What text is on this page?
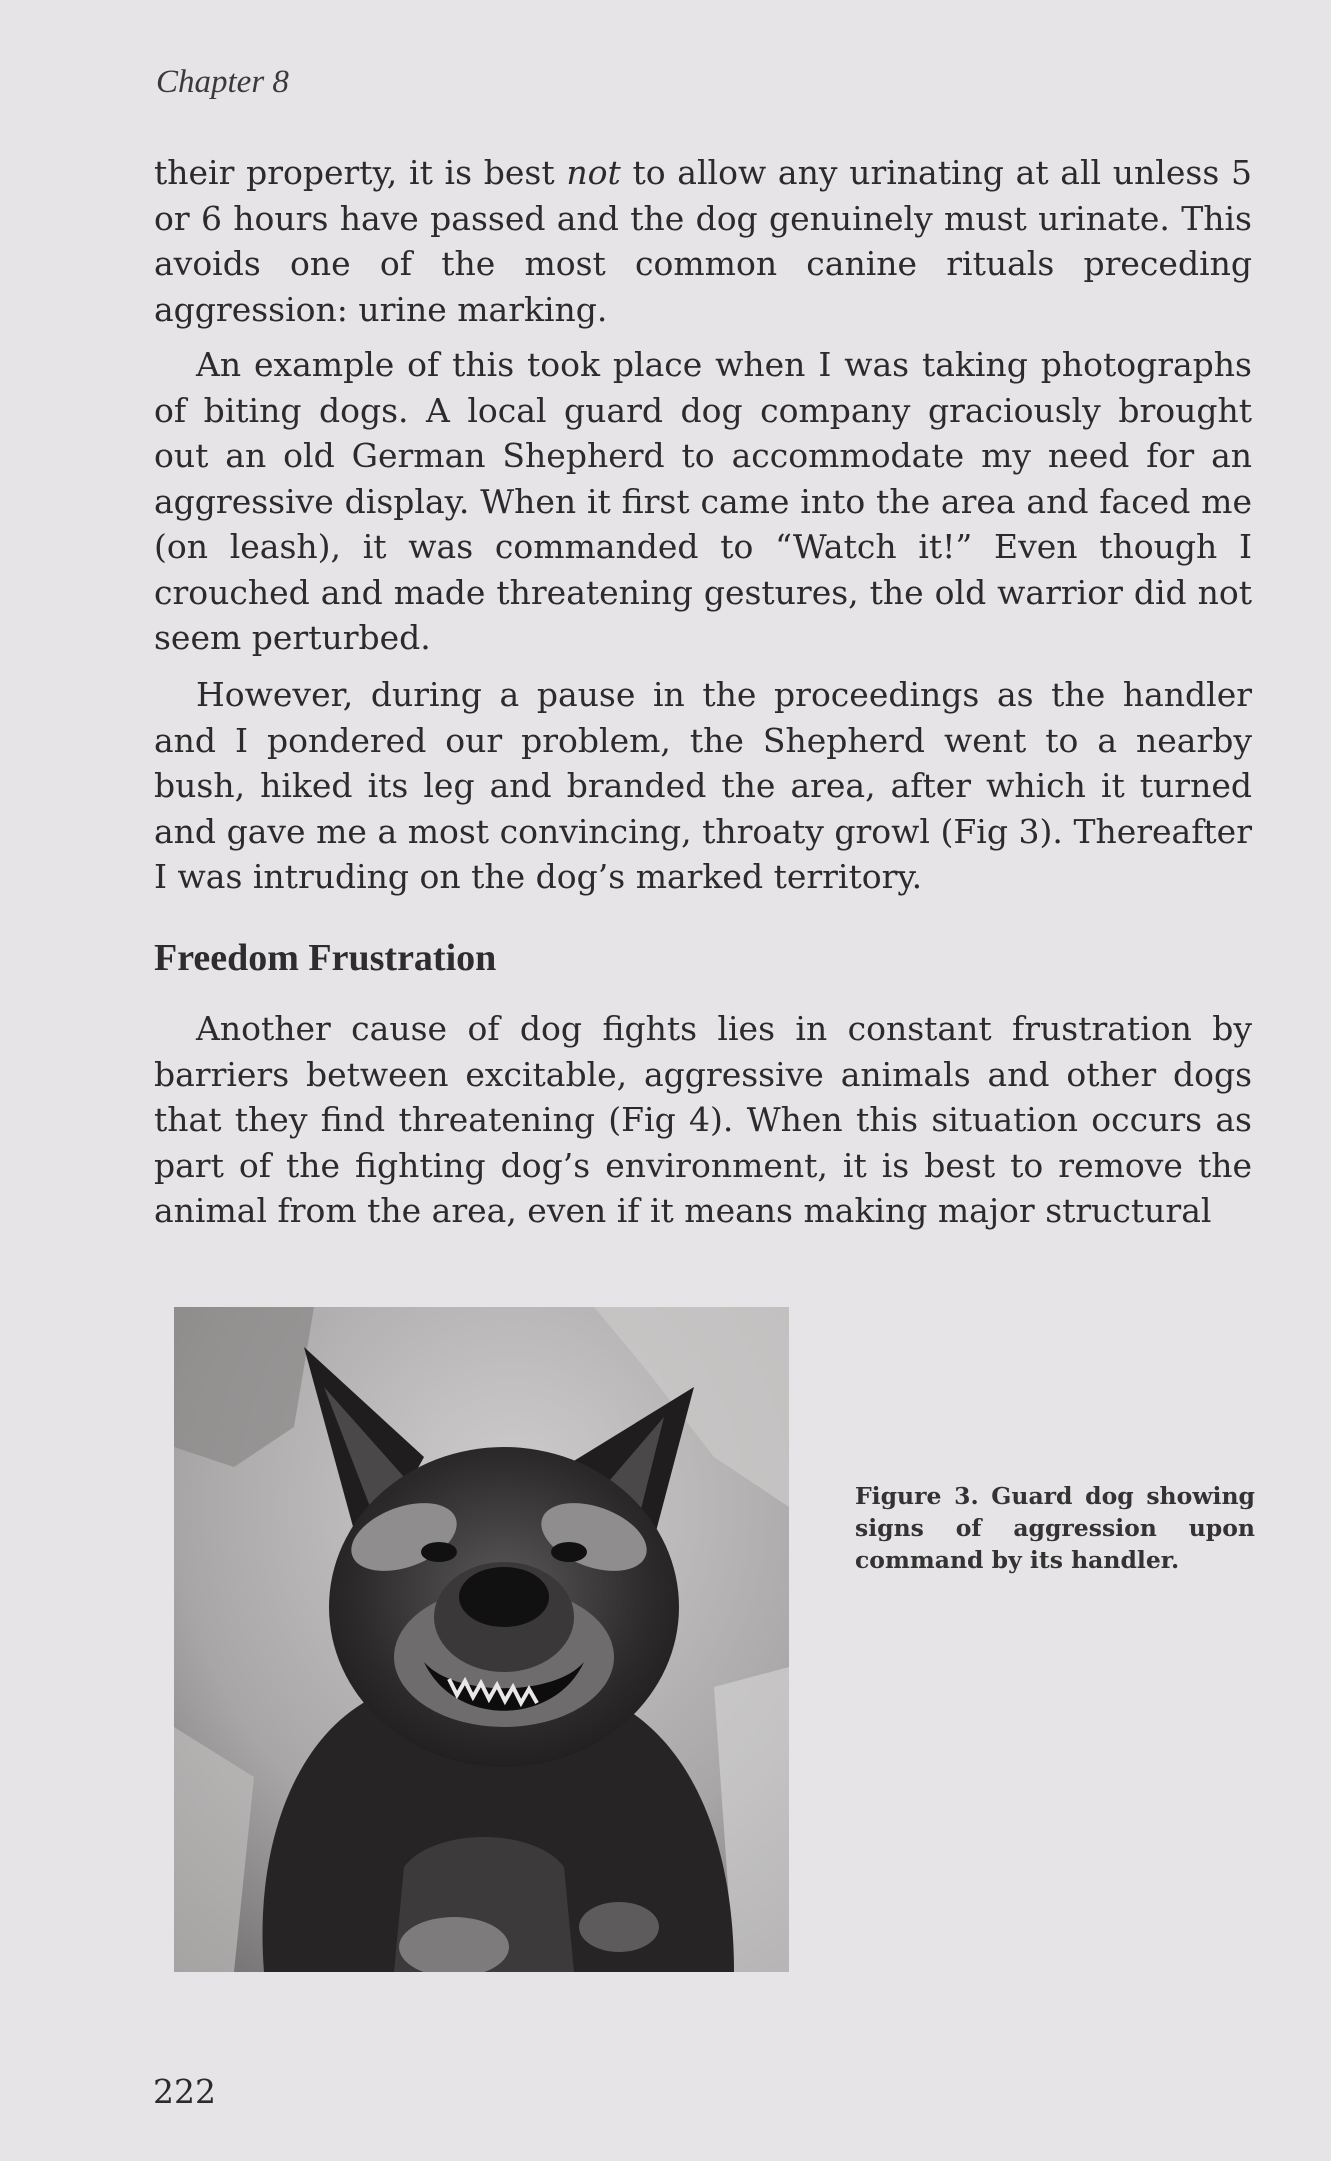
Chapter 8

their property, it is best not to allow any urinating at all unless 5 or 6 hours have passed and the dog genuinely must urinate. This avoids one of the most common canine rituals preceding aggression: urine marking.

An example of this took place when I was taking photographs of biting dogs. A local guard dog company graciously brought out an old German Shepherd to accommodate my need for an aggressive display. When it first came into the area and faced me (on leash), it was commanded to “Watch it!” Even though I crouched and made threatening gestures, the old warrior did not seem perturbed.

However, during a pause in the proceedings as the handler and I pondered our problem, the Shepherd went to a nearby bush, hiked its leg and branded the area, after which it turned and gave me a most convincing, throaty growl (Fig 3). Thereafter I was intruding on the dog’s marked territory.

Freedom Frustration

Another cause of dog fights lies in constant frustration by barriers between excitable, aggressive animals and other dogs that they find threatening (Fig 4). When this situation occurs as part of the fighting dog’s environment, it is best to remove the animal from the area, even if it means making major structural

Figure 3. Guard dog showing signs of aggression upon command by its handler.
222
